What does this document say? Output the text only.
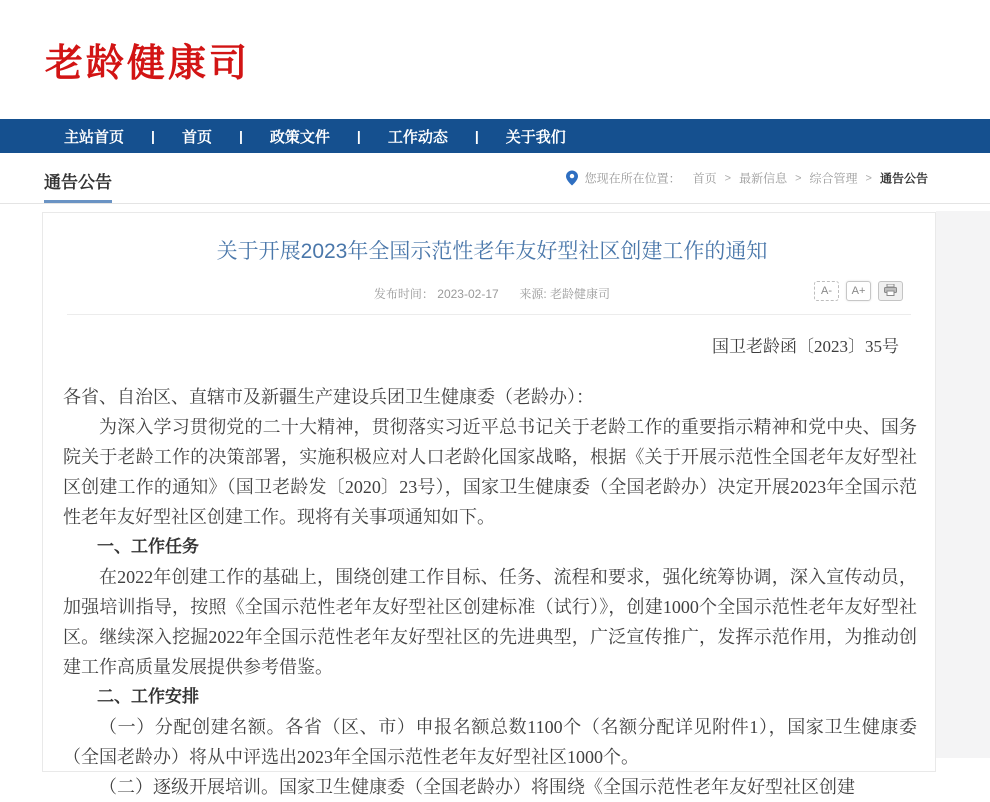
老龄健康司
主站首页 | 首页 | 政策文件 | 工作动态 | 关于我们
通告公告	您现在所在位置： 首页 > 最新信息 > 综合管理 > 通告公告
关于开展2023年全国示范性老年友好型社区创建工作的通知
发布时间： 2023-02-17 来源: 老龄健康司	A-	A+
国卫老龄函〔2023〕35号

各省、自治区、直辖市及新疆生产建设兵团卫生健康委（老龄办）：

为深入学习贯彻党的二十大精神，贯彻落实习近平总书记关于老龄工作的重要指示精神和党中央、国务院关于老龄工作的决策部署，实施积极应对人口老龄化国家战略，根据《关于开展示范性全国老年友好型社区创建工作的通知》（国卫老龄发〔2020〕23号），国家卫生健康委（全国老龄办）决定开展2023年全国示范性老年友好型社区创建工作。现将有关事项通知如下。

一、工作任务

在2022年创建工作的基础上，围绕创建工作目标、任务、流程和要求，强化统筹协调，深入宣传动员，加强培训指导，按照《全国示范性老年友好型社区创建标准（试行）》，创建1000个全国示范性老年友好型社区。继续深入挖掘2022年全国示范性老年友好型社区的先进典型，广泛宣传推广，发挥示范作用，为推动创建工作高质量发展提供参考借鉴。

二、工作安排

（一）分配创建名额。各省（区、市）申报名额总数1100个（名额分配详见附件1），国家卫生健康委（全国老龄办）将从中评选出2023年全国示范性老年友好型社区1000个。

（二）逐级开展培训。国家卫生健康委（全国老龄办）将围绕《全国示范性老年友好型社区创建
